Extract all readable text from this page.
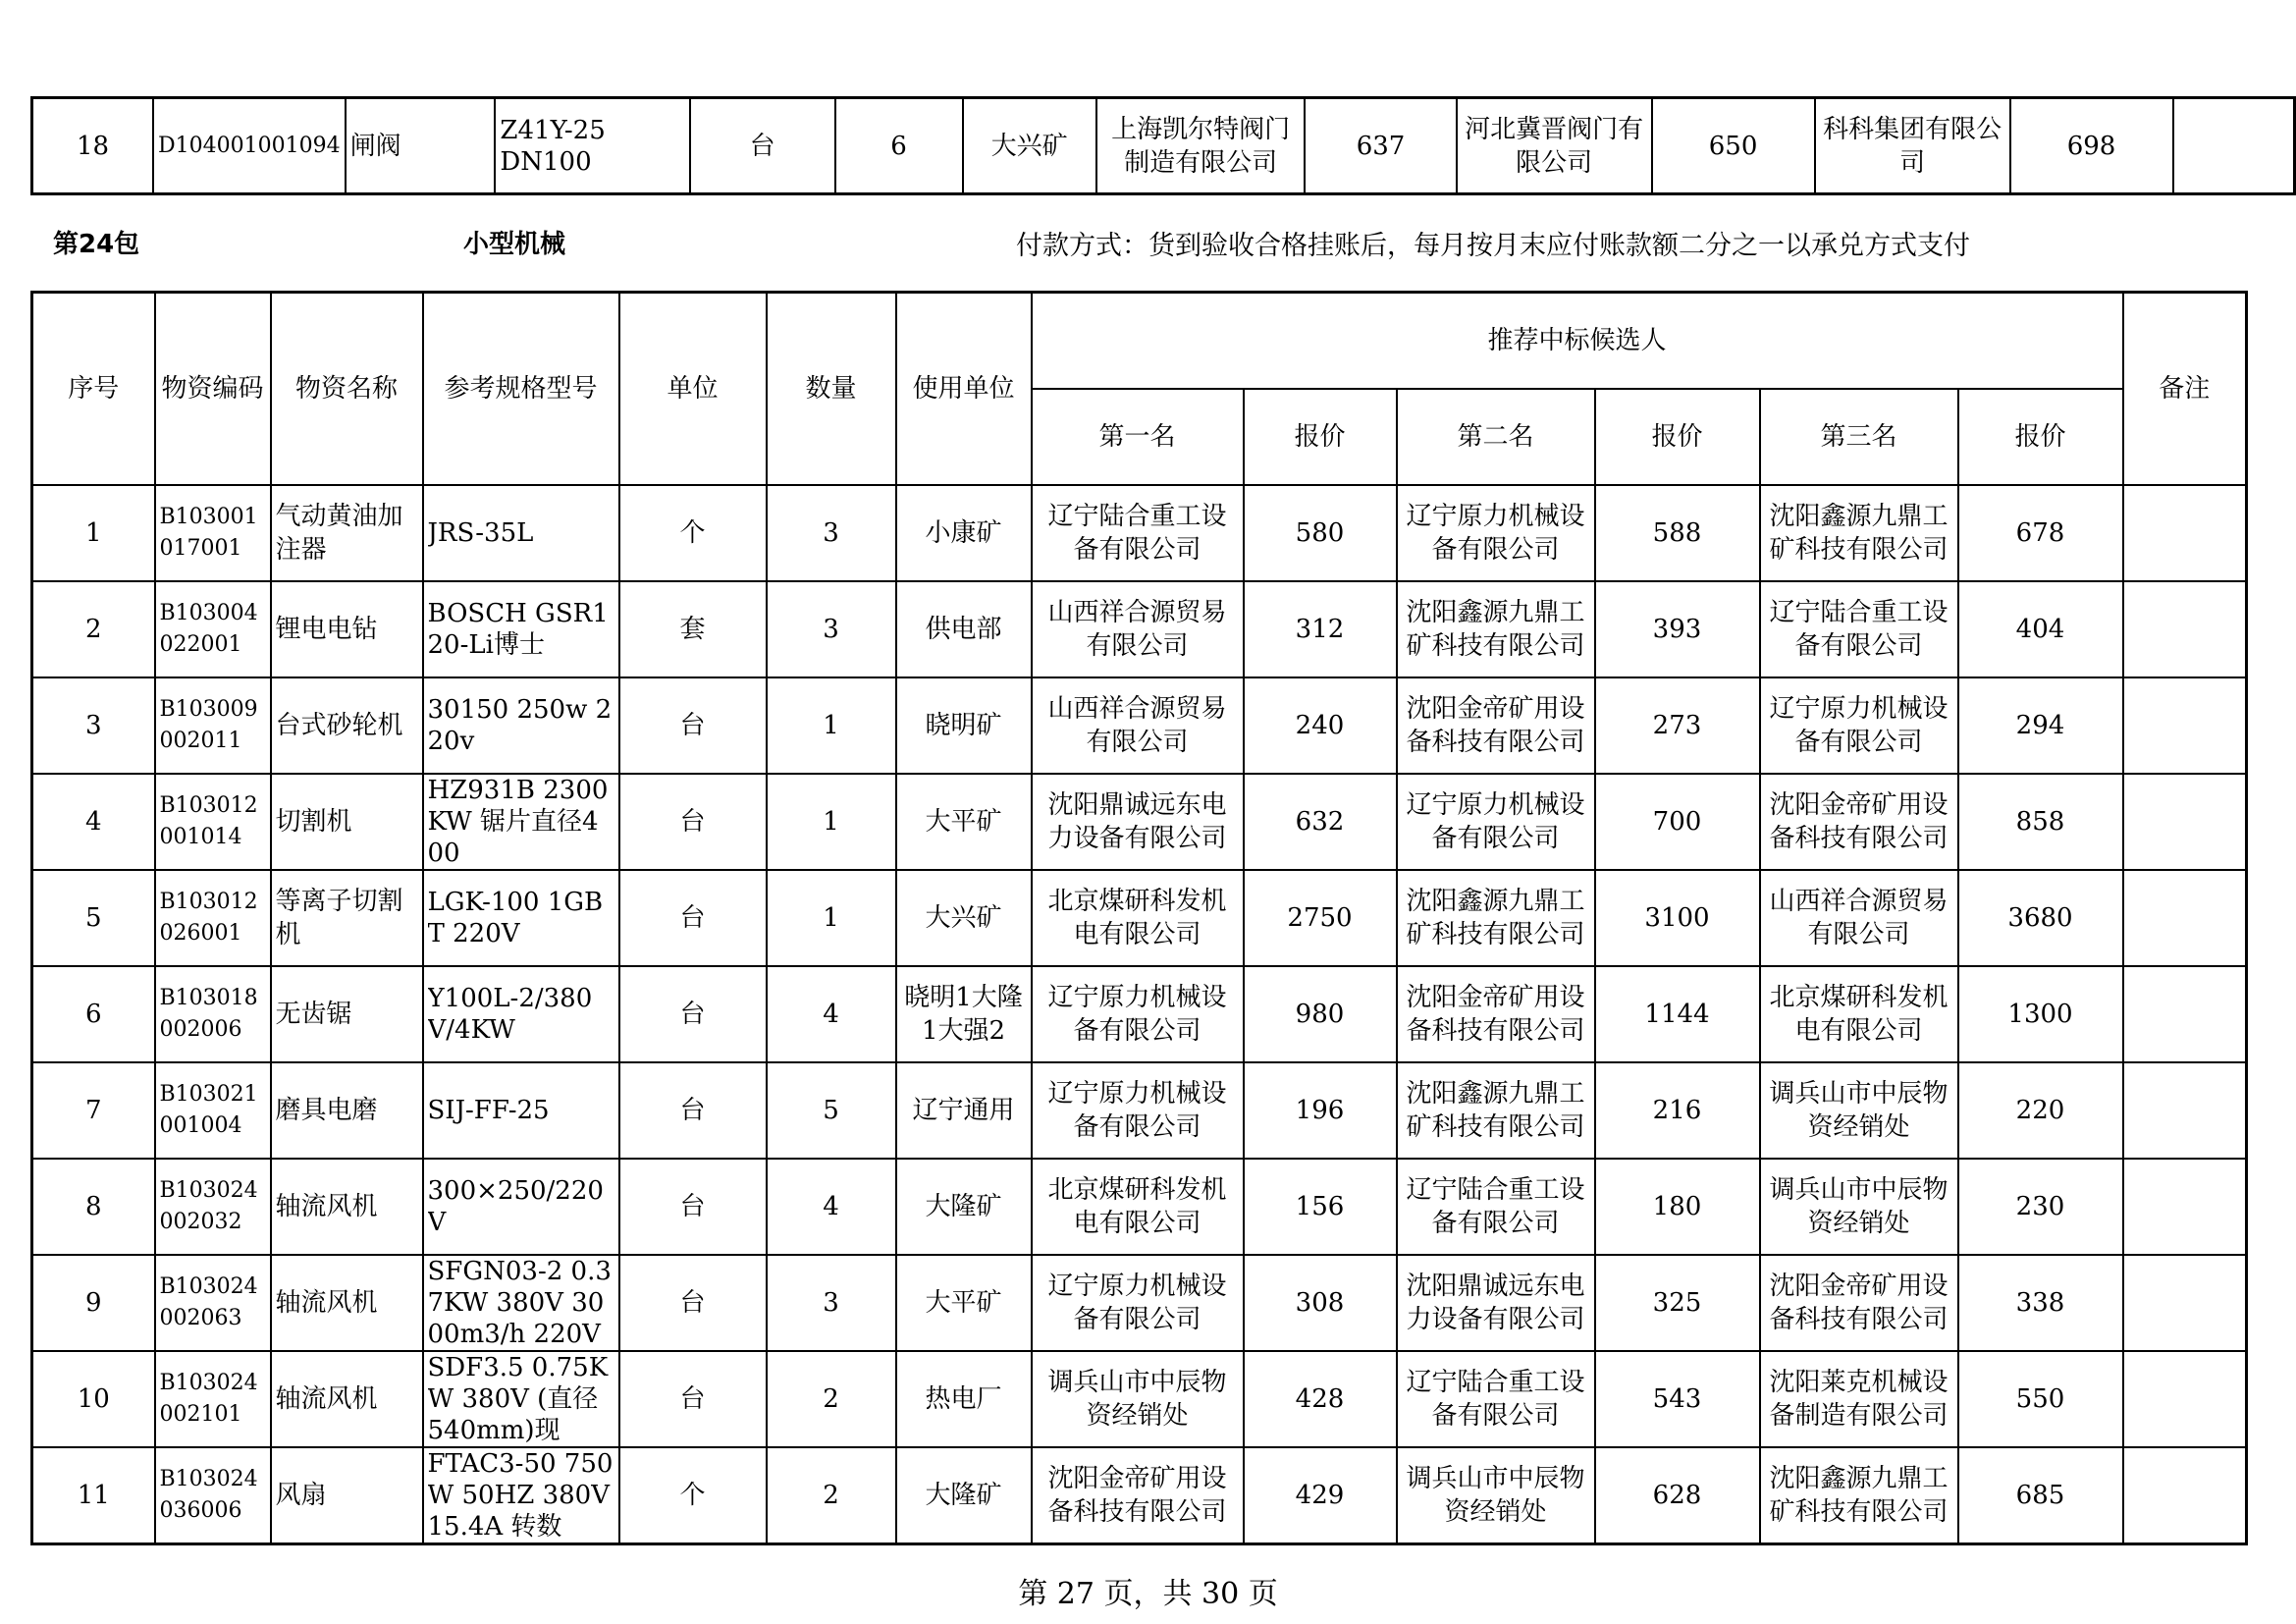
18	D104001001094	闸阀	Z41Y-25 DN100	台	6	大兴矿	上海凯尔特阀门制造有限公司	637	河北冀晋阀门有限公司	650	科科集团有限公司	698	
第24包	小型机械	付款方式：货到验收合格挂账后，每月按月末应付账款额二分之一以承兑方式支付
序号	物资编码	物资名称	参考规格型号	单位	数量	使用单位	推荐中标候选人						备注
							第一名	报价	第二名	报价	第三名	报价	

1	B103001017001	气动黄油加注器	JRS-35L	个	3	小康矿	辽宁陆合重工设备有限公司	580	辽宁原力机械设备有限公司	588	沈阳鑫源九鼎工矿科技有限公司	678	

2	B103004022001	锂电电钻	BOSCH GSR120-Li博士	套	3	供电部	山西祥合源贸易有限公司	312	沈阳鑫源九鼎工矿科技有限公司	393	辽宁陆合重工设备有限公司	404	

3	B103009002011	台式砂轮机	30150 250w 220v	台	1	晓明矿	山西祥合源贸易有限公司	240	沈阳金帝矿用设备科技有限公司	273	辽宁原力机械设备有限公司	294	

4	B103012001014	切割机	HZ931B 2300KW 锯片直径400	台	1	大平矿	沈阳鼎诚远东电力设备有限公司	632	辽宁原力机械设备有限公司	700	沈阳金帝矿用设备科技有限公司	858	

5	B103012026001	等离子切割机	LGK-100 1GBT 220V	台	1	大兴矿	北京煤研科发机电有限公司	2750	沈阳鑫源九鼎工矿科技有限公司	3100	山西祥合源贸易有限公司	3680	

6	B103018002006	无齿锯	Y100L-2/380V/4KW	台	4	晓明1大隆1大强2	辽宁原力机械设备有限公司	980	沈阳金帝矿用设备科技有限公司	1144	北京煤研科发机电有限公司	1300	

7	B103021001004	磨具电磨	SIJ-FF-25	台	5	辽宁通用	辽宁原力机械设备有限公司	196	沈阳鑫源九鼎工矿科技有限公司	216	调兵山市中辰物资经销处	220	

8	B103024002032	轴流风机	300×250/220V	台	4	大隆矿	北京煤研科发机电有限公司	156	辽宁陆合重工设备有限公司	180	调兵山市中辰物资经销处	230	

9	B103024002063	轴流风机	SFGN03-2 0.37KW 380V 3000m3/h 220V	台	3	大平矿	辽宁原力机械设备有限公司	308	沈阳鼎诚远东电力设备有限公司	325	沈阳金帝矿用设备科技有限公司	338	

10	B103024002101	轴流风机	SDF3.5 0.75KW 380V (直径540mm)现	台	2	热电厂	调兵山市中辰物资经销处	428	辽宁陆合重工设备有限公司	543	沈阳莱克机械设备制造有限公司	550	

11	B103024036006	风扇	FTAC3-50 750W 50HZ 380V 15.4A 转数	个	2	大隆矿	沈阳金帝矿用设备科技有限公司	429	调兵山市中辰物资经销处	628	沈阳鑫源九鼎工矿科技有限公司	685	

第 27 页，共 30 页
